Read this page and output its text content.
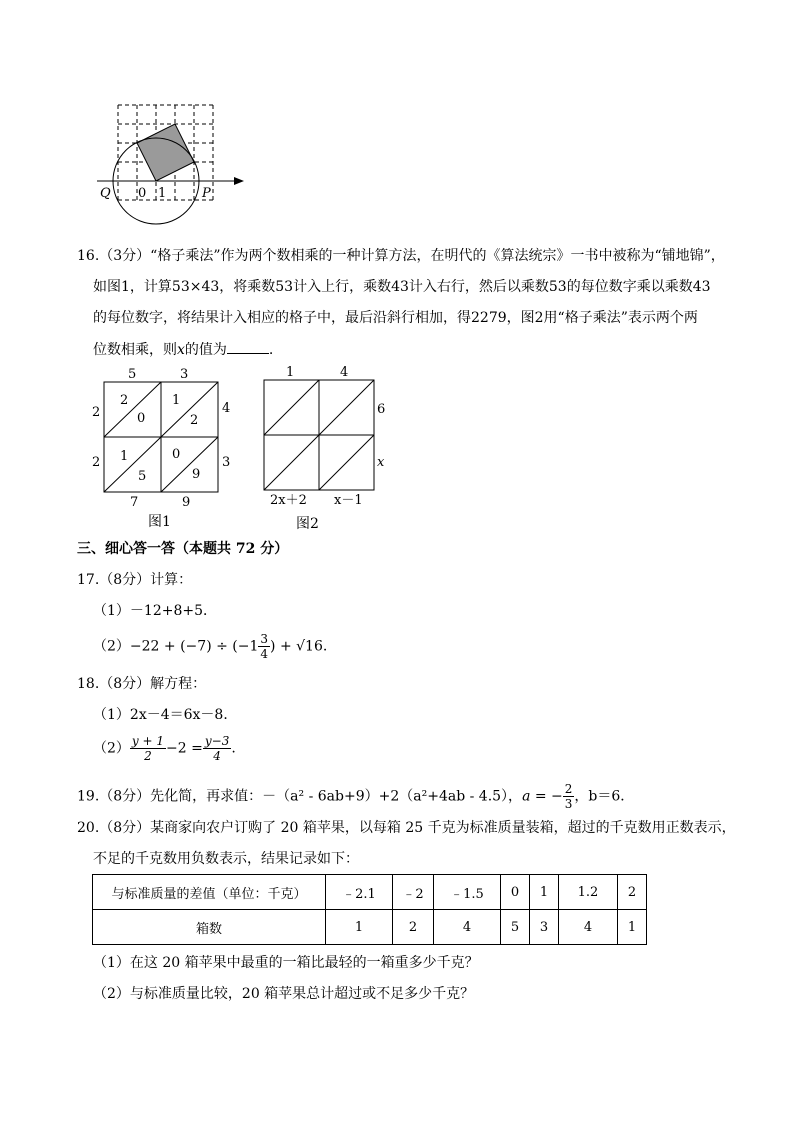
Q 0 1	P
16.（3分）“格子乘法”作为两个数相乘的一种计算方法，在明代的《算法统宗》一书中被称为“铺地锦”，
如图1，计算53×43，将乘数53计入上行，乘数43计入右行，然后以乘数53的每位数字乘以乘数43
的每位数字，将结果计入相应的格子中，最后沿斜行相加，得2279，图2用“格子乘法”表示两个两
位数相乘，则x的值为	.
5	3
4
3
2
2
7	9
2
0
1
2
1
5
0
9
图1
1	4
6
x
2x＋2 x－1
图2
三、细心答一答（本题共 72 分）
17.（8分）计算：
（1）－12+8+5．
$(2)-22 + (-7) \div (-1 \frac{3}{4}$ ) + √16.
18.（8分）解方程：
（1）2x－4＝6x－8．
$(2) \frac{y + 1}{2} -2 = \frac{y-3}{4}$ .
19.（8分）先化简，再求值：－（a² - 6ab+9）+2（a²+4ab - 4.5），a = − $\frac{2}{3}$ ，b＝6．
20.（8分）某商家向农户订购了 20 箱苹果，以每箱 25 千克为标准质量装箱，超过的千克数用正数表示，
不足的千克数用负数表示，结果记录如下：
与标准质量的差值（单位：千克）	﹣2.1	﹣2	﹣1.5	0	1	1.2	2
箱数	1	2	4	5	3	4	1
（1）在这 20 箱苹果中最重的一箱比最轻的一箱重多少千克？
（2）与标准质量比较，20 箱苹果总计超过或不足多少千克？
